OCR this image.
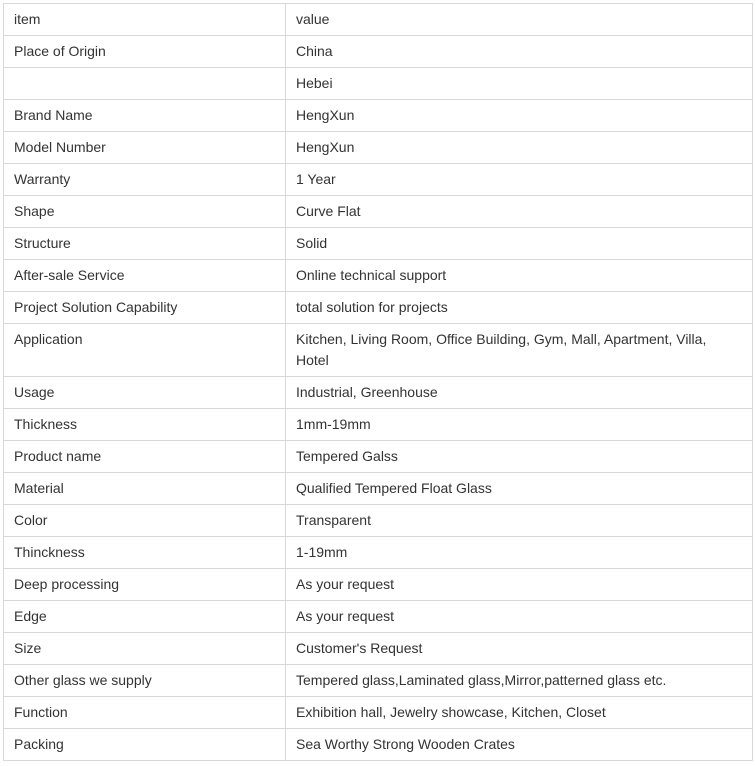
item	value
Place of Origin	China
	Hebei
Brand Name	HengXun
Model Number	HengXun
Warranty	1 Year
Shape	Curve Flat
Structure	Solid
After-sale Service	Online technical support
Project Solution Capability	total solution for projects
Application	Kitchen, Living Room, Office Building, Gym, Mall, Apartment, Villa, Hotel
Usage	Industrial, Greenhouse
Thickness	1mm-19mm
Product name	Tempered Galss
Material	Qualified Tempered Float Glass
Color	Transparent
Thinckness	1-19mm
Deep processing	As your request
Edge	As your request
Size	Customer's Request
Other glass we supply	Tempered glass,Laminated glass,Mirror,patterned glass etc.
Function	Exhibition hall, Jewelry showcase, Kitchen, Closet
Packing	Sea Worthy Strong Wooden Crates
